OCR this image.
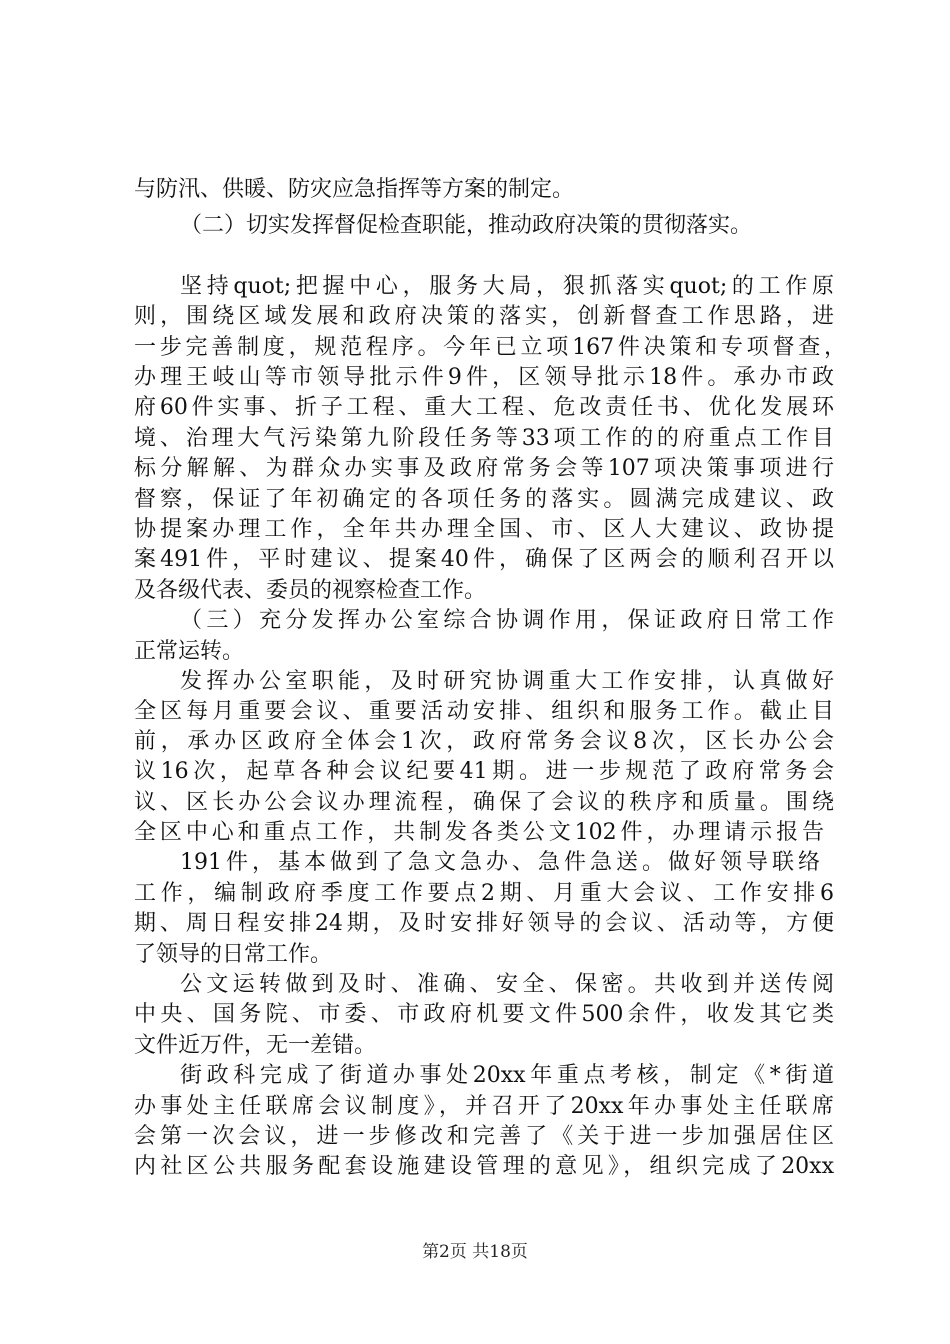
与防汛、供暖、防灾应急指挥等方案的制定。
（二）切实发挥督促检查职能，推动政府决策的贯彻落实。
坚持quot;把握中心，服务大局，狠抓落实quot;的工作原
则，围绕区域发展和政府决策的落实，创新督查工作思路，进
一步完善制度，规范程序。今年已立项167件决策和专项督查，
办理王岐山等市领导批示件9件，区领导批示18件。承办市政
府60件实事、折子工程、重大工程、危改责任书、优化发展环
境、治理大气污染第九阶段任务等33项工作的的府重点工作目
标分解解、为群众办实事及政府常务会等107项决策事项进行
督察，保证了年初确定的各项任务的落实。圆满完成建议、政
协提案办理工作，全年共办理全国、市、区人大建议、政协提
案491件，平时建议、提案40件，确保了区两会的顺利召开以
及各级代表、委员的视察检查工作。
（三）充分发挥办公室综合协调作用，保证政府日常工作
正常运转。
发挥办公室职能，及时研究协调重大工作安排，认真做好
全区每月重要会议、重要活动安排、组织和服务工作。截止目
前，承办区政府全体会1次，政府常务会议8次，区长办公会
议16次，起草各种会议纪要41期。进一步规范了政府常务会
议、区长办公会议办理流程，确保了会议的秩序和质量。围绕
全区中心和重点工作，共制发各类公文102件，办理请示报告
191件，基本做到了急文急办、急件急送。做好领导联络
工作，编制政府季度工作要点2期、月重大会议、工作安排6
期、周日程安排24期，及时安排好领导的会议、活动等，方便
了领导的日常工作。
公文运转做到及时、准确、安全、保密。共收到并送传阅
中央、国务院、市委、市政府机要文件500余件，收发其它类
文件近万件，无一差错。
街政科完成了街道办事处20xx年重点考核，制定《*街道
办事处主任联席会议制度》，并召开了20xx年办事处主任联席
会第一次会议，进一步修改和完善了《关于进一步加强居住区
内社区公共服务配套设施建设管理的意见》，组织完成了20xx
第2页 共18页
